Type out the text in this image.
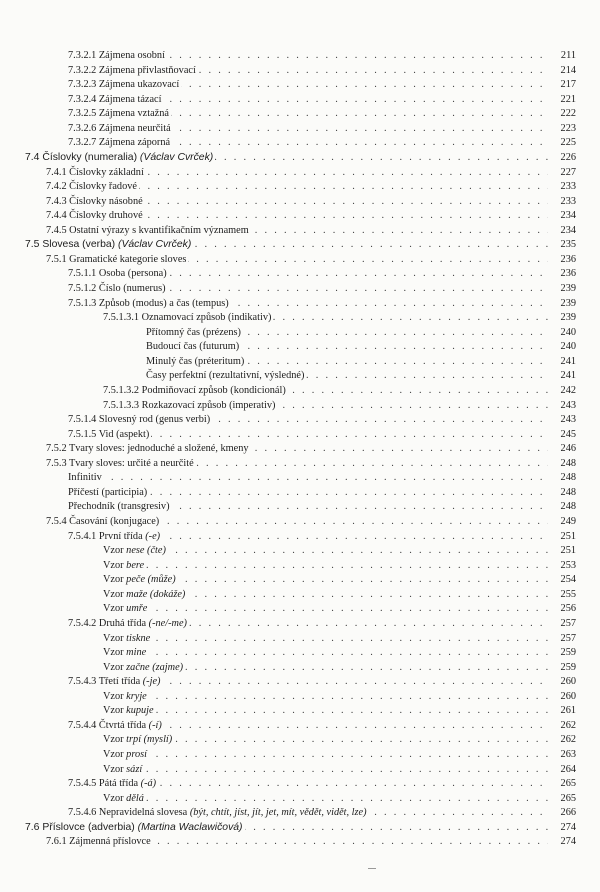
. . .
7.3.2.1 Zájmena osobní	211
. . .
7.3.2.2 Zájmena přivlastňovací	214
. . .
7.3.2.3 Zájmena ukazovací	217
. . .
7.3.2.4 Zájmena tázací	221
. . .
7.3.2.5 Zájmena vztažná	222
. . .
7.3.2.6 Zájmena neurčitá	223
. . .
7.3.2.7 Zájmena záporná	225
. . .
7.4 Číslovky (numeralia) (Václav Cvrček)	226
. . .
7.4.1 Číslovky základní	227
. . .
7.4.2 Číslovky řadové	233
. . .
7.4.3 Číslovky násobné	233
. . .
7.4.4 Číslovky druhové	234
. . .
7.4.5 Ostatní výrazy s kvantifikačním významem	234
. . .
7.5 Slovesa (verba) (Václav Cvrček)	235
. . .
7.5.1 Gramatické kategorie sloves	236
. . .
7.5.1.1 Osoba (persona)	236
. . .
7.5.1.2 Číslo (numerus)	239
. . .
7.5.1.3 Způsob (modus) a čas (tempus)	239
. . .
7.5.1.3.1 Oznamovací způsob (indikativ)	239
. . .
Přítomný čas (prézens)	240
. . .
Budoucí čas (futurum)	240
. . .
Minulý čas (préteritum)	241
. . .
Časy perfektní (rezultativní, výsledné)	241
. . .
7.5.1.3.2 Podmiňovací způsob (kondicionál)	242
. . .
7.5.1.3.3 Rozkazovací způsob (imperativ)	243
. . .
7.5.1.4 Slovesný rod (genus verbi)	243
. . .
7.5.1.5 Vid (aspekt)	245
. . .
7.5.2 Tvary sloves: jednoduché a složené, kmeny	246
. . .
7.5.3 Tvary sloves: určité a neurčité	248
. . .
Infinitiv	248
. . .
Příčestí (participia)	248
. . .
Přechodník (transgresiv)	248
. . .
7.5.4 Časování (konjugace)	249
. . .
7.5.4.1 První třída (-e)	251
. . .
Vzor nese (čte)	251
. . .
Vzor bere	253
. . .
Vzor peče (může)	254
. . .
Vzor maže (dokáže)	255
. . .
Vzor umře	256
. . .
7.5.4.2 Druhá třída (-ne/-me)	257
. . .
Vzor tiskne	257
. . .
Vzor mine	259
. . .
Vzor začne (zajme)	259
. . .
7.5.4.3 Třetí třída (-je)	260
. . .
Vzor kryje	260
. . .
Vzor kupuje	261
. . .
7.5.4.4 Čtvrtá třída (-í)	262
. . .
Vzor trpí (myslí)	262
. . .
Vzor prosí	263
. . .
Vzor sází	264
. . .
7.5.4.5 Pátá třída (-á)	265
. . .
Vzor dělá	265
. . .
7.5.4.6 Nepravidelná slovesa (být, chtít, jíst, jít, jet, mít, vědět, vidět, lze)	266
. . .
7.6 Příslovce (adverbia) (Martina Waclawičová)	274
. . .
7.6.1 Zájmenná příslovce	274
